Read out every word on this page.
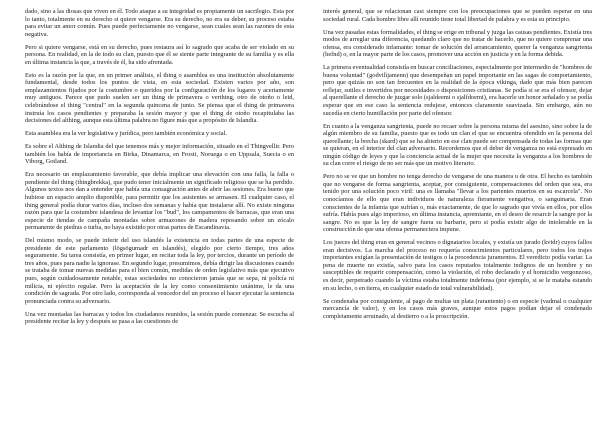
dado, sino a las diosas que viven en él. Todo ataque a su integridad es propiamente un sacrilegio. Esta por lo tanto, totalmente en su derecho si quiere vengarse. Era su derecho, no era su deber, su proceso estaba para evitar un amor común. Pues puede perfectamente no vengarse, sean cuales sean las razones de esta negativa.

Pero si quiere vengarse, está en su derecho, pues restaura así lo sagrado que acaba de ser violado en su persona. En realidad, en la de todo su clan, puesto que él se siente parte integrante de su familia y es ella en última instancia la que, a través de él, ha sido afrentada.

Esto es la razón por la que, en un primer análisis, el thing o asamblea es una institución absolutamente fundamental, desde todos los puntos de vista, en esta sociedad. Existen varios por año, son emplazamientos fijados por la costumbre o queridos por la configuración de los lugares y acertamente muy antiguos. Parece que pudo suelen ser un thing de primavera o verthing, otro de otoño o leid, celebrándose el thing "central" en la segunda quincena de junio. Se piensa que el thing de primavera instruía los casos pendientes y preparaba la sesión mayor y que el thing de otoño recapitulaba las decisiones del althing, aunque esta última palabra no figure más que a propósito de Islandia.

Esta asamblea era la ver legislativa y jurídica, pero también económica y social.

Es sobre el Althing de Islandia del que tenemos más y mejor información, situado en el Thingvellir. Pero también los había de importancia en Birka, Dinamarca, en Frosti, Noruega o en Uppsala, Suecia o en Viborg, Gotland.

Era necesario un emplazamiento favorable, que debía implicar una elevación con una falla, la falla o pendiente del thing (thingbrekka), que pudo tener inicialmente un significado religioso que se ha perdido. Algunos textos nos dan a entender que había una consagración antes de abrir las sesiones. Era bueno que hubiese un espacio amplio disponible, para permitir que los asistentes se armasen. El cualquier caso, el thing general podía durar varios días, incluso dos semanas y había que instalarse allí. No existe ninguna razón para que la costumbre islandesa de levantar los "bud", los campamentos de barracas, que eran una especie de tiendas de campaña montadas sobre armazones de madera reposando sobre un zócalo permanente de piedras o turba, no haya existido por otras partes de Escandinavia.

Del mismo modo, se puede inferir del uso islandés la existencia en todas partes de una especie de presidente de este parlamento (lögsögumadr en islandés), elegido por cierto tiempo, tres años seguramente. Su tarea consistía, en primer lugar, en recitar toda la ley, por tercios, durante un período de tres años, pues para nadie la ignorase. En segundo lugar, presumimos, debía dirigir las discusiones cuando se trataba de tomar nuevas medidas para el bien común, medidas de orden legislativo más que ejecutivo pues, según cuidadosamente notable, estas sociedades no conocieron jamás que se sepa, ni policía ni milicia, ni ejército regular. Pero la aceptación de la ley como consentimiento unánime, le da una condición de sagrada. Por otro lado, corresponda al vencedor del un proceso el hacer ejecutar la sentencia pronunciada contra su adversario.

Una vez montadas las barracas y todos los ciudadanos reunidos, la sesión puede comenzar. Se escucha al presidente recitar la ley y después se pasa a las cuestiones de

interés general, que se relacionan casi siempre con los preocupaciones que se pueden esperar en una sociedad rural. Cada hombre libre allí reunido tiene total libertad de palabra y es esta su principio.

Una vez pasadas estas formalidades, el thing se erige en tribunal y juzga las causas pendientes. Existía tres modos de arreglar una diferencia, quedando claro que no tratar de hacerlo, que no quiere comprenar una ofensa, era considerado infamante: tomar de solución del arrancamiento, querer la venganza sangrienta (hefnd) o, en la mayor parte de los casos, promover una acción en justicia y en la forma debida.

La primera eventualidad consistía en buscar conciliaciones, especialmente por intermedio de "hombres de buena voluntad" (godvilìjamenn) que desempeñan un papel importante en las sagas de comportamiento, pero que quizás no son tan frecuentes en la realidad de la época vikinga, dado que más bien parecen reflejar, sutiles e invertidos por necesidades o disposiciones cristianas. Se podía si se era el ofensor, dejar al querellante el derecho de juzgar solo (sjaldeemi o sjalfdoemi), era hacerle un honor señalado y se podía esperar que en ese caso la sentencia redujese, entonces claramente suavizada. Sin embargo, aún no sucedía en cierto humillación por parte del ofensor.

En cuanto a la venganza sangrienta, puede no recaer sobre la persona misma del asesino, sino sobre la de algún miembro de su familia, puesto que es todo un clan el que se encuentra ofendido en la persona del querellante; la brecha (skard) que se ha abierto en ese clan puede ser compensada de todas las formas que se quieran, en el interior del clan adversario. Recordemos que el deber de venganza no está expresado en ningún código de leyes y que la conciencia actual de la mujer que necesita la venganza a los hombres de su clan corre el riesgo de no ser más que un motivo literario.

Pero no se ve que un hombre no tenga derecho de vengarse de una manera u de otra. El hecho es también que no vengarse de forma sangrienta, aceptar, por consiguiente, compensaciones del orden que sea, era tenido por una solución poco viril: una es llamaba "llevar a los parientes muertos en su escarcela". No conocíamos de ello que eran individuos de naturaleza fieramente vengativa, o sanguinaria. Eran conscientes de la infamia que sufrían o, más exactamente, de que lo sagrado que vivía en ellos, por ellos sufría. Había pues algo imperioso, en última instancia, apremiante, en el deseo de resarcir la sangre por la sangre. No es que la ley de sangre fuera su barbarie, pero si podía existir algo de intolerable en la construcción de que una ofensa permaneciera impune.

Los jueces del thing eran en general vecinos o dignatarios locales, y existía un jurado (kvidr) cuyos fallos eran decisivos. La marcha del proceso no requería conocimientos particulares, pero todos los trajes importantes exigían la presentación de testigos o la procedencia juramentos. El veredicto podía variar. La pena de muerte no existía, salvo para los casos reputados totalmente indignos de un hombre y no susceptibles de requerir compensación, como la violación, el robo declarado y el homicidio vergonzoso, es decir, perpetrado cuando la víctima estaba totalmente indefensa (por ejemplo, si se le mataba estando en su lecho, o en tierra, en cualquier estado de total vulnerabilidad).

Se condenaba por consiguiente, al pago de multas un plata (rarantento) o en especie (vadmal o cualquier mercancía de valor), y en los casos más graves, aunque estos pagos podían dejar el condenado completamente arruinado, al destierro o a la proscripción.
